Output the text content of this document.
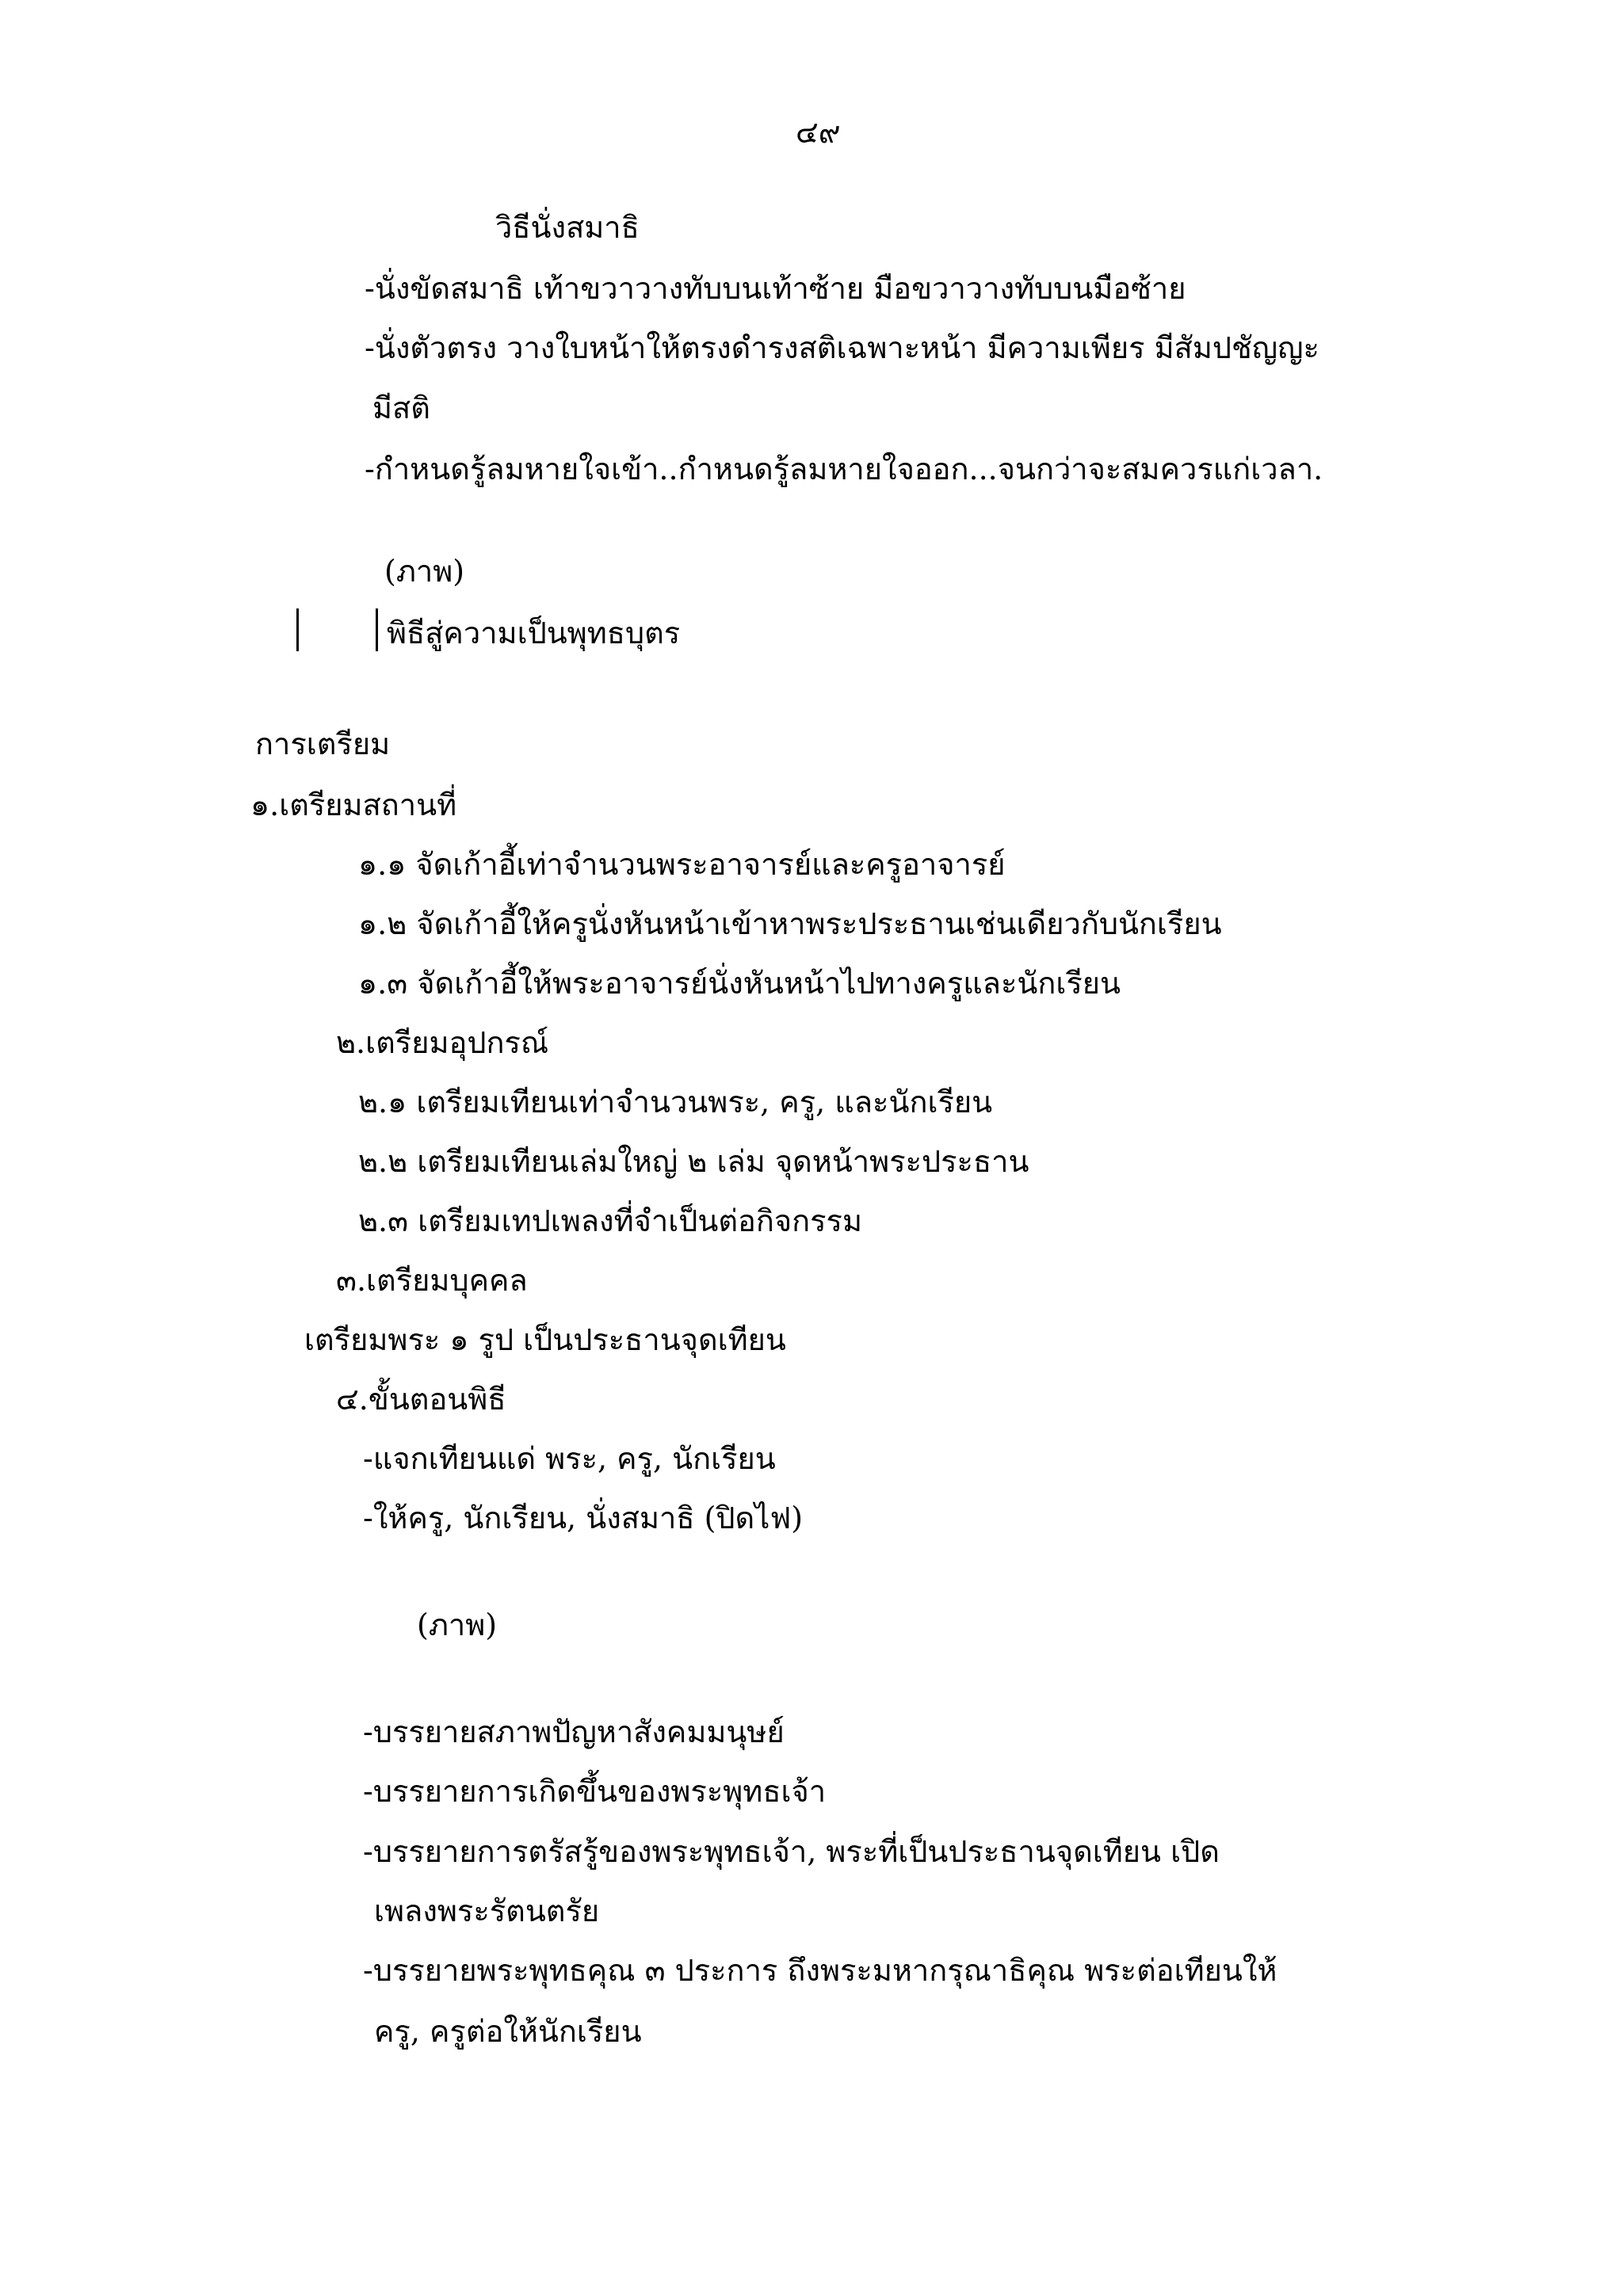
๔๙
วิธีนั่งสมาธิ
-นั่งขัดสมาธิ เท้าขวาวางทับบนเท้าซ้าย มือขวาวางทับบนมือซ้าย
-นั่งตัวตรง วางใบหน้าให้ตรงดำรงสติเฉพาะหน้า มีความเพียร มีสัมปชัญญะ
มีสติ
-กำหนดรู้ลมหายใจเข้า..กำหนดรู้ลมหายใจออก...จนกว่าจะสมควรแก่เวลา.
(ภาพ)
พิธีสู่ความเป็นพุทธบุตร
การเตรียม
๑.เตรียมสถานที่
๑.๑ จัดเก้าอี้เท่าจำนวนพระอาจารย์และครูอาจารย์
๑.๒ จัดเก้าอี้ให้ครูนั่งหันหน้าเข้าหาพระประธานเช่นเดียวกับนักเรียน
๑.๓ จัดเก้าอี้ให้พระอาจารย์นั่งหันหน้าไปทางครูและนักเรียน
๒.เตรียมอุปกรณ์
๒.๑ เตรียมเทียนเท่าจำนวนพระ, ครู, และนักเรียน
๒.๒ เตรียมเทียนเล่มใหญ่ ๒ เล่ม จุดหน้าพระประธาน
๒.๓ เตรียมเทปเพลงที่จำเป็นต่อกิจกรรม
๓.เตรียมบุคคล
เตรียมพระ ๑ รูป เป็นประธานจุดเทียน
๔.ขั้นตอนพิธี
-แจกเทียนแด่ พระ, ครู, นักเรียน
-ให้ครู, นักเรียน, นั่งสมาธิ (ปิดไฟ)
(ภาพ)
-บรรยายสภาพปัญหาสังคมมนุษย์
-บรรยายการเกิดขึ้นของพระพุทธเจ้า
-บรรยายการตรัสรู้ของพระพุทธเจ้า, พระที่เป็นประธานจุดเทียน เปิด
เพลงพระรัตนตรัย
-บรรยายพระพุทธคุณ ๓ ประการ ถึงพระมหากรุณาธิคุณ พระต่อเทียนให้
ครู, ครูต่อให้นักเรียน
